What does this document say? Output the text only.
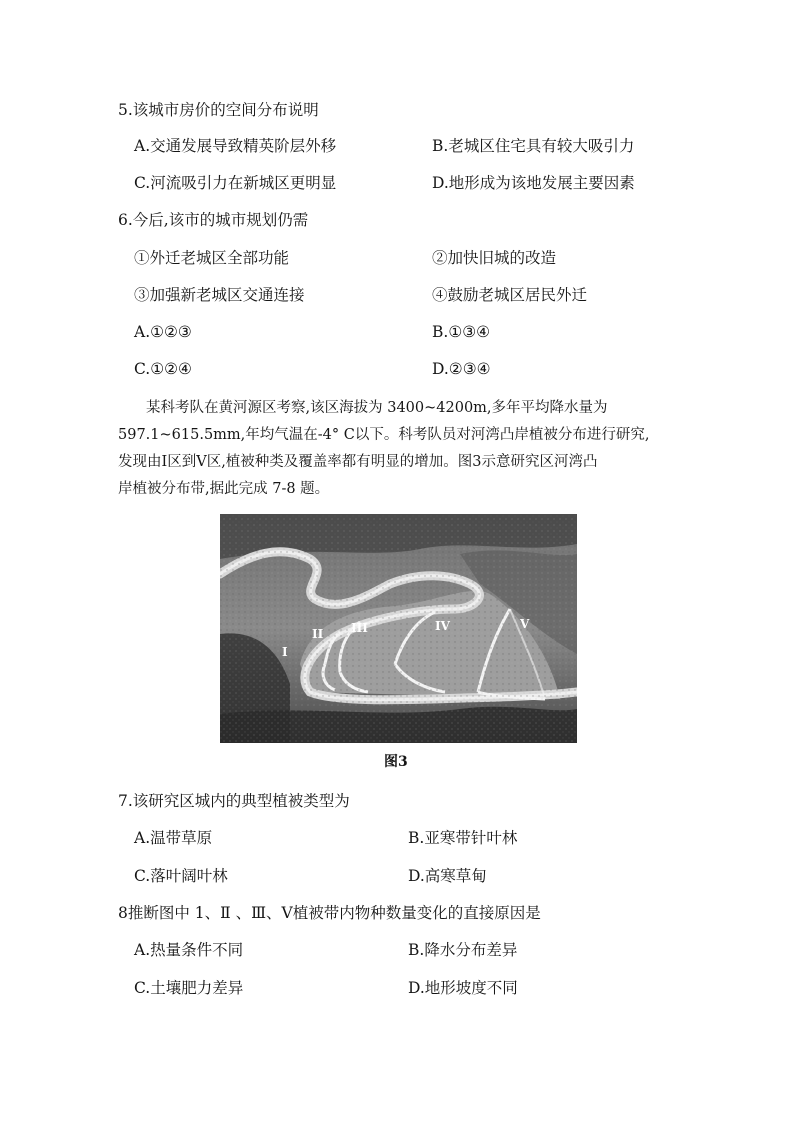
5.该城市房价的空间分布说明
A.交通发展导致精英阶层外移	B.老城区住宅具有较大吸引力
C.河流吸引力在新城区更明显	D.地形成为该地发展主要因素
6.今后,该市的城市规划仍需
①外迁老城区全部功能	②加快旧城的改造
③加强新老城区交通连接	④鼓励老城区居民外迁
A.①②③	B.①③④
C.①②④	D.②③④

某科考队在黄河源区考察,该区海拔为 3400~4200m,多年平均降水量为

597.1~615.5mm,年均气温在-4° C以下。科考队员对河湾凸岸植被分布进行研究,

发现由Ⅰ区到Ⅴ区,植被种类及覆盖率都有明显的增加。图3示意研究区河湾凸

岸植被分布带,据此完成 7-8 题。

I
II III	IV	V
图3
7.该研究区城内的典型植被类型为
A.温带草原	B.亚寒带针叶林
C.落叶阔叶林	D.高寒草甸
8推断图中 1、Ⅱ 、Ⅲ、Ⅴ植被带内物种数量变化的直接原因是
A.热量条件不同	B.降水分布差异
C.土壤肥力差异	D.地形坡度不同
